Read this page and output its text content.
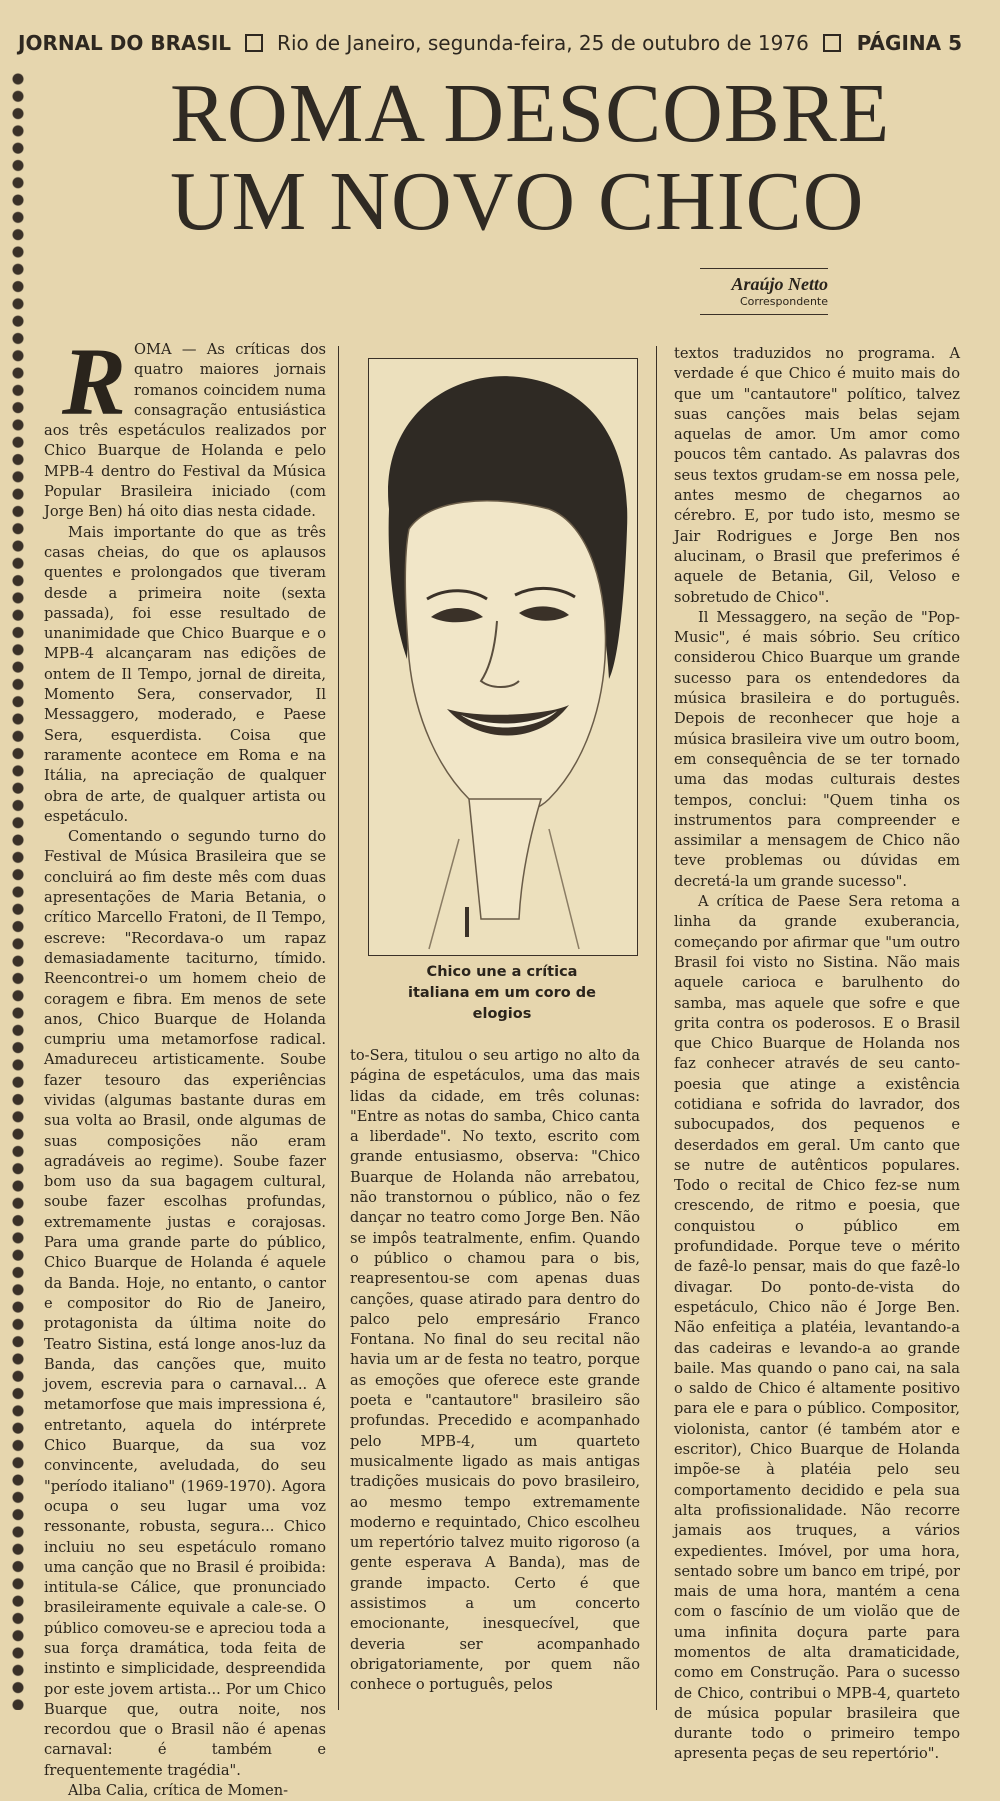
JORNAL DO BRASIL Rio de Janeiro, segunda-feira, 25 de outubro de 1976 PÁGINA 5
ROMA DESCOBRE
UM NOVO CHICO
Araújo Netto
Correspondente
R OMA — As críticas dos quatro maiores jornais romanos coincidem numa consagração entusiástica aos três espetáculos realizados por Chico Buarque de Holanda e pelo MPB-4 dentro do Festival da Música Popular Brasileira iniciado (com Jorge Ben) há oito dias nesta cidade.

Mais importante do que as três casas cheias, do que os aplausos quentes e prolongados que tiveram desde a primeira noite (sexta passada), foi esse resultado de unanimidade que Chico Buarque e o MPB-4 alcançaram nas edições de ontem de Il Tempo, jornal de direita, Momento Sera, conservador, Il Messaggero, moderado, e Paese Sera, esquerdista. Coisa que raramente acontece em Roma e na Itália, na apreciação de qualquer obra de arte, de qualquer artista ou espetáculo.

Comentando o segundo turno do Festival de Música Brasileira que se concluirá ao fim deste mês com duas apresentações de Maria Betania, o crítico Marcello Fratoni, de Il Tempo, escreve: "Recordava-o um rapaz demasiadamente taciturno, tímido. Reencontrei-o um homem cheio de coragem e fibra. Em menos de sete anos, Chico Buarque de Holanda cumpriu uma metamorfose radical. Amadureceu artisticamente. Soube fazer tesouro das experiências vividas (algumas bastante duras em sua volta ao Brasil, onde algumas de suas composições não eram agradáveis ao regime). Soube fazer bom uso da sua bagagem cultural, soube fazer escolhas profundas, extremamente justas e corajosas. Para uma grande parte do público, Chico Buarque de Holanda é aquele da Banda. Hoje, no entanto, o cantor e compositor do Rio de Janeiro, protagonista da última noite do Teatro Sistina, está longe anos-luz da Banda, das canções que, muito jovem, escrevia para o carnaval... A metamorfose que mais impressiona é, entretanto, aquela do intérprete Chico Buarque, da sua voz convincente, aveludada, do seu "período italiano" (1969-1970). Agora ocupa o seu lugar uma voz ressonante, robusta, segura... Chico incluiu no seu espetáculo romano uma canção que no Brasil é proibida: intitula-se Cálice, que pronunciado brasileiramente equivale a cale-se. O público comoveu-se e apreciou toda a sua força dramática, toda feita de instinto e simplicidade, despreendida por este jovem artista... Por um Chico Buarque que, outra noite, nos recordou que o Brasil não é apenas carnaval: é também e frequentemente tragédia".

Alba Calia, crítica de Momen-

Chico une a crítica italiana em um coro de elogios

to-Sera, titulou o seu artigo no alto da página de espetáculos, uma das mais lidas da cidade, em três colunas: "Entre as notas do samba, Chico canta a liberdade". No texto, escrito com grande entusiasmo, observa: "Chico Buarque de Holanda não arrebatou, não transtornou o público, não o fez dançar no teatro como Jorge Ben. Não se impôs teatralmente, enfim. Quando o público o chamou para o bis, reapresentou-se com apenas duas canções, quase atirado para dentro do palco pelo empresário Franco Fontana. No final do seu recital não havia um ar de festa no teatro, porque as emoções que oferece este grande poeta e "cantautore" brasileiro são profundas. Precedido e acompanhado pelo MPB-4, um quarteto musicalmente ligado as mais antigas tradições musicais do povo brasileiro, ao mesmo tempo extremamente moderno e requintado, Chico escolheu um repertório talvez muito rigoroso (a gente esperava A Banda), mas de grande impacto. Certo é que assistimos a um concerto emocionante, inesquecível, que deveria ser acompanhado obrigatoriamente, por quem não conhece o português, pelos

textos traduzidos no programa. A verdade é que Chico é muito mais do que um "cantautore" político, talvez suas canções mais belas sejam aquelas de amor. Um amor como poucos têm cantado. As palavras dos seus textos grudam-se em nossa pele, antes mesmo de chegarnos ao cérebro. E, por tudo isto, mesmo se Jair Rodrigues e Jorge Ben nos alucinam, o Brasil que preferimos é aquele de Betania, Gil, Veloso e sobretudo de Chico".

Il Messaggero, na seção de "Pop-Music", é mais sóbrio. Seu crítico considerou Chico Buarque um grande sucesso para os entendedores da música brasileira e do português. Depois de reconhecer que hoje a música brasileira vive um outro boom, em consequência de se ter tornado uma das modas culturais destes tempos, conclui: "Quem tinha os instrumentos para compreender e assimilar a mensagem de Chico não teve problemas ou dúvidas em decretá-la um grande sucesso".

A crítica de Paese Sera retoma a linha da grande exuberancia, começando por afirmar que "um outro Brasil foi visto no Sistina. Não mais aquele carioca e barulhento do samba, mas aquele que sofre e que grita contra os poderosos. E o Brasil que Chico Buarque de Holanda nos faz conhecer através de seu canto-poesia que atinge a existência cotidiana e sofrida do lavrador, dos subocupados, dos pequenos e deserdados em geral. Um canto que se nutre de autênticos populares. Todo o recital de Chico fez-se num crescendo, de ritmo e poesia, que conquistou o público em profundidade. Porque teve o mérito de fazê-lo pensar, mais do que fazê-lo divagar. Do ponto-de-vista do espetáculo, Chico não é Jorge Ben. Não enfeitiça a platéia, levantando-a das cadeiras e levando-a ao grande baile. Mas quando o pano cai, na sala o saldo de Chico é altamente positivo para ele e para o público. Compositor, violonista, cantor (é também ator e escritor), Chico Buarque de Holanda impõe-se à platéia pelo seu comportamento decidido e pela sua alta profissionalidade. Não recorre jamais aos truques, a vários expedientes. Imóvel, por uma hora, sentado sobre um banco em tripé, por mais de uma hora, mantém a cena com o fascínio de um violão que de uma infinita doçura parte para momentos de alta dramaticidade, como em Construção. Para o sucesso de Chico, contribui o MPB-4, quarteto de música popular brasileira que durante todo o primeiro tempo apresenta peças de seu repertório".
